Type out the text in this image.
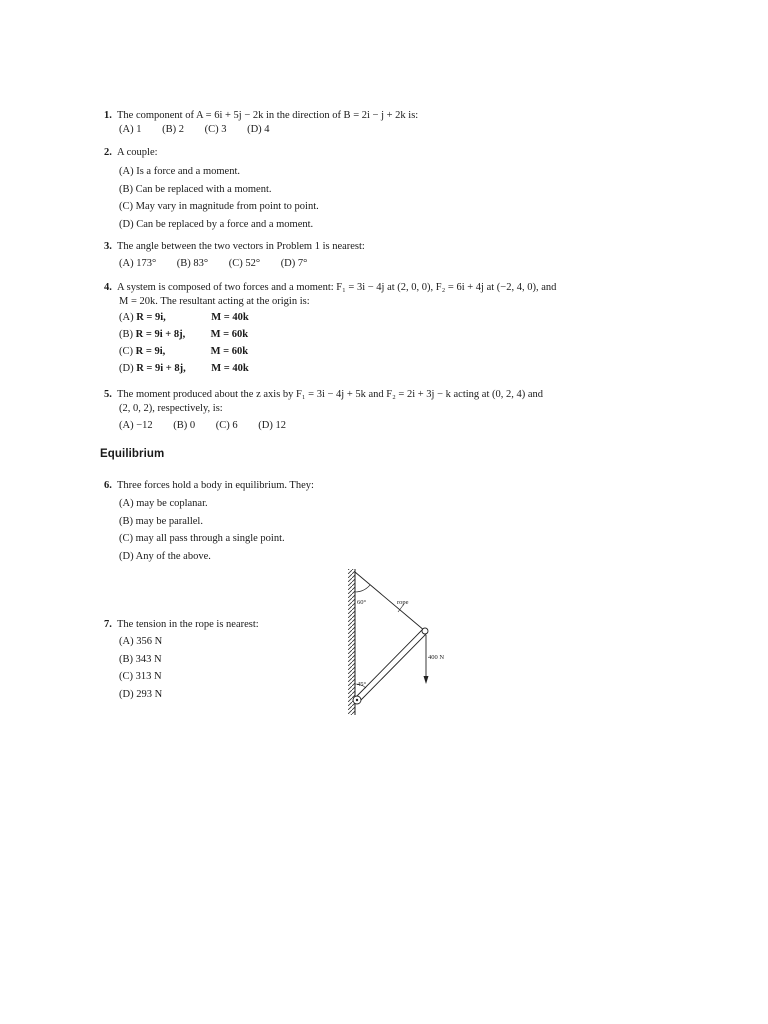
1. The component of A = 6i + 5j − 2k in the direction of B = 2i − j + 2k is:
(A) 1 (B) 2 (C) 3 (D) 4
2. A couple:
(A) Is a force and a moment.
(B) Can be replaced with a moment.
(C) May vary in magnitude from point to point.
(D) Can be replaced by a force and a moment.
3. The angle between the two vectors in Problem 1 is nearest:
(A) 173° (B) 83° (C) 52° (D) 7°
4. A system is composed of two forces and a moment: F₁ = 3i − 4j at (2, 0, 0), F₂ = 6i + 4j at (−2, 4, 0), and
M = 20k. The resultant acting at the origin is:
(A) R = 9i,	M = 40k
(B) R = 9i + 8j, M = 60k
(C) R = 9i,	M = 60k
(D) R = 9i + 8j, M = 40k
5. The moment produced about the z axis by F₁ = 3i − 4j + 5k and F₂ = 2i + 3j − k acting at (0, 2, 4) and
(2, 0, 2), respectively, is:
(A) −12 (B) 0 (C) 6 (D) 12
Equilibrium
6. Three forces hold a body in equilibrium. They:
(A) may be coplanar.
(B) may be parallel.
(C) may all pass through a single point.
(D) Any of the above.
7. The tension in the rope is nearest:
(A) 356 N
(B) 343 N
(C) 313 N
(D) 293 N
60°	rope
400 N
45°
